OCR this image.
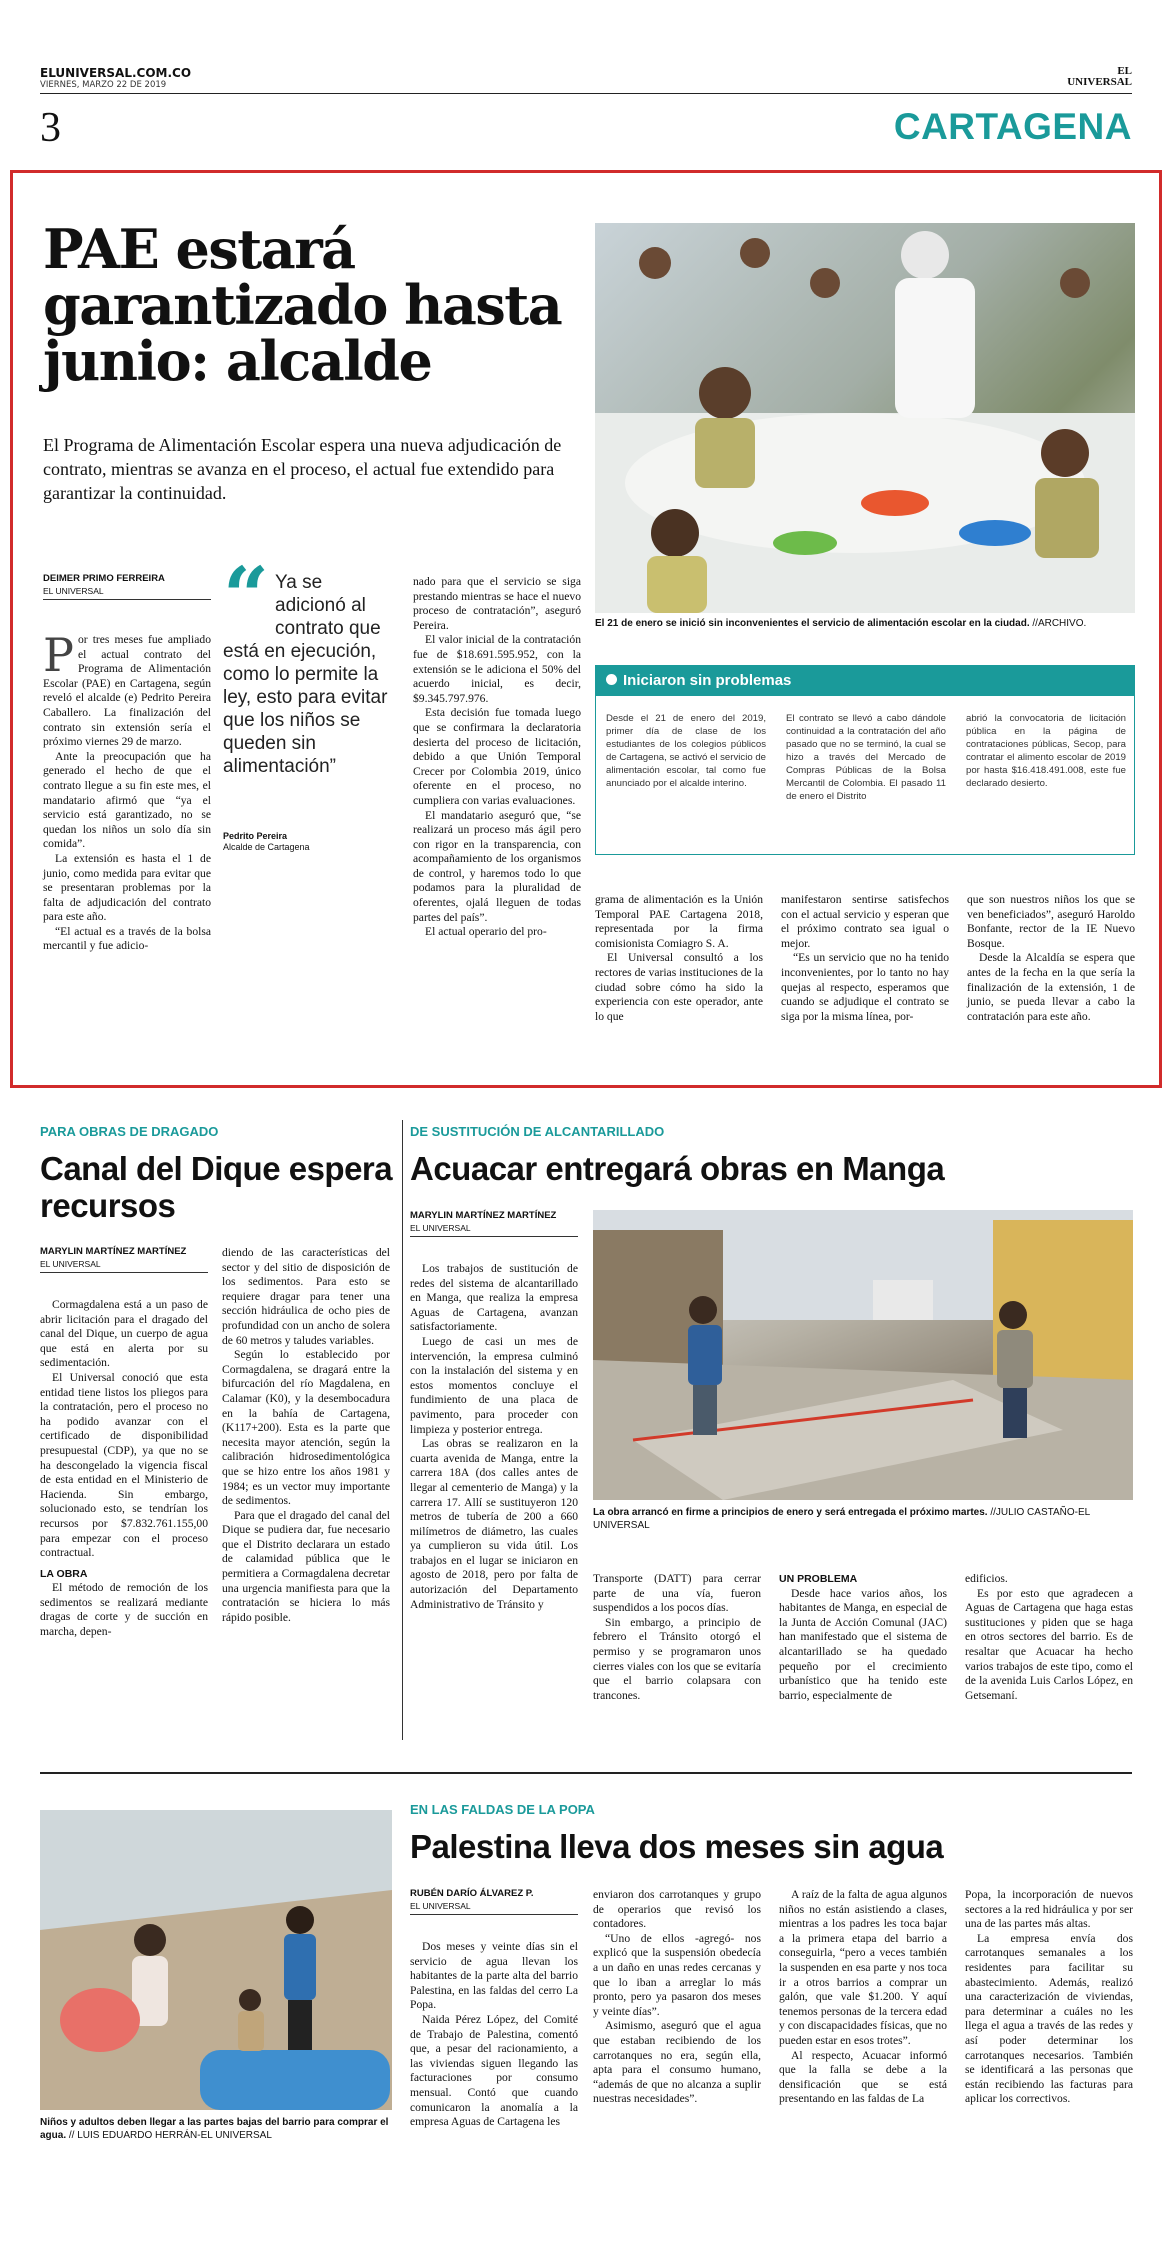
ELUNIVERSAL.COM.CO
VIERNES, MARZO 22 DE 2019
EL
UNIVERSAL
3	CARTAGENA
PAE estará garantizado hasta junio: alcalde

El Programa de Alimentación Escolar espera una nueva adjudicación de contrato, mientras se avanza en el proceso, el actual fue extendido para garantizar la continuidad.

El 21 de enero se inició sin inconvenientes el servicio de alimentación escolar en la ciudad. //ARCHIVO.
DEIMER PRIMO FERREIRA
EL UNIVERSAL

Por tres meses fue ampliado el actual contrato del Programa de Alimentación Escolar (PAE) en Cartagena, según reveló el alcalde (e) Pedrito Pereira Caballero. La finalización del contrato sin extensión sería el próximo viernes 29 de marzo.

Ante la preocupación que ha generado el hecho de que el contrato llegue a su fin este mes, el mandatario afirmó que “ya el servicio está garantizado, no se quedan los niños un solo día sin comida”.

La extensión es hasta el 1 de junio, como medida para evitar que se presentaran problemas por la falta de adjudicación del contrato para este año.

“El actual es a través de la bolsa mercantil y fue adicio-

“ Ya se adicionó al contrato que está en ejecución, como lo permite la ley, esto para evitar que los niños se queden sin alimentación”
Pedrito Pereira
Alcalde de Cartagena

nado para que el servicio se siga prestando mientras se hace el nuevo proceso de contratación”, aseguró Pereira.

El valor inicial de la contratación fue de $18.691.595.952, con la extensión se le adiciona el 50% del acuerdo inicial, es decir, $9.345.797.976.

Esta decisión fue tomada luego que se confirmara la declaratoria desierta del proceso de licitación, debido a que Unión Temporal Crecer por Colombia 2019, único oferente en el proceso, no cumpliera con varias evaluaciones.

El mandatario aseguró que, “se realizará un proceso más ágil pero con rigor en la transparencia, con acompañamiento de los organismos de control, y haremos todo lo que podamos para la pluralidad de oferentes, ojalá lleguen de todas partes del país”.

El actual operario del pro-

Iniciaron sin problemas
Desde el 21 de enero del 2019, primer día de clase de los estudiantes de los colegios públicos de Cartagena, se activó el servicio de alimentación escolar, tal como fue anunciado por el alcalde interino.
El contrato se llevó a cabo dándole continuidad a la contratación del año pasado que no se terminó, la cual se hizo a través del Mercado de Compras Públicas de la Bolsa Mercantil de Colombia. El pasado 11 de enero el Distrito
abrió la convocatoria de licitación pública en la página de contrataciones públicas, Secop, para contratar el alimento escolar de 2019 por hasta $16.418.491.008, este fue declarado desierto.

grama de alimentación es la Unión Temporal PAE Cartagena 2018, representada por la firma comisionista Comiagro S. A.

El Universal consultó a los rectores de varias instituciones de la ciudad sobre cómo ha sido la experiencia con este operador, ante lo que

manifestaron sentirse satisfechos con el actual servicio y esperan que el próximo contrato sea igual o mejor.

“Es un servicio que no ha tenido inconvenientes, por lo tanto no hay quejas al respecto, esperamos que cuando se adjudique el contrato se siga por la misma línea, por-

que son nuestros niños los que se ven beneficiados”, aseguró Haroldo Bonfante, rector de la IE Nuevo Bosque.

Desde la Alcaldía se espera que antes de la fecha en la que sería la finalización de la extensión, 1 de junio, se pueda llevar a cabo la contratación para este año.

PARA OBRAS DE DRAGADO
Canal del Dique espera recursos
MARYLIN MARTÍNEZ MARTÍNEZ
EL UNIVERSAL

Cormagdalena está a un paso de abrir licitación para el dragado del canal del Dique, un cuerpo de agua que está en alerta por su sedimentación.

El Universal conoció que esta entidad tiene listos los pliegos para la contratación, pero el proceso no ha podido avanzar con el certificado de disponibilidad presupuestal (CDP), ya que no se ha descongelado la vigencia fiscal de esta entidad en el Ministerio de Hacienda. Sin embargo, solucionado esto, se tendrían los recursos por $7.832.761.155,00 para empezar con el proceso contractual.

LA OBRA

El método de remoción de los sedimentos se realizará mediante dragas de corte y de succión en marcha, depen-

diendo de las características del sector y del sitio de disposición de los sedimentos. Para esto se requiere dragar para tener una sección hidráulica de ocho pies de profundidad con un ancho de solera de 60 metros y taludes variables.

Según lo establecido por Cormagdalena, se dragará entre la bifurcación del río Magdalena, en Calamar (K0), y la desembocadura en la bahía de Cartagena, (K117+200). Esta es la parte que necesita mayor atención, según la calibración hidrosedimentológica que se hizo entre los años 1981 y 1984; es un vector muy importante de sedimentos.

Para que el dragado del canal del Dique se pudiera dar, fue necesario que el Distrito declarara un estado de calamidad pública que le permitiera a Cormagdalena decretar una urgencia manifiesta para que la contratación se hiciera lo más rápido posible.

DE SUSTITUCIÓN DE ALCANTARILLADO
Acuacar entregará obras en Manga
MARYLIN MARTÍNEZ MARTÍNEZ
EL UNIVERSAL

Los trabajos de sustitución de redes del sistema de alcantarillado en Manga, que realiza la empresa Aguas de Cartagena, avanzan satisfactoriamente.

Luego de casi un mes de intervención, la empresa culminó con la instalación del sistema y en estos momentos concluye el fundimiento de una placa de pavimento, para proceder con limpieza y posterior entrega.

Las obras se realizaron en la cuarta avenida de Manga, entre la carrera 18A (dos calles antes de llegar al cementerio de Manga) y la carrera 17. Allí se sustituyeron 120 metros de tubería de 200 a 660 milímetros de diámetro, las cuales ya cumplieron su vida útil. Los trabajos en el lugar se iniciaron en agosto de 2018, pero por falta de autorización del Departamento Administrativo de Tránsito y

La obra arrancó en firme a principios de enero y será entregada el próximo martes. //JULIO CASTAÑO-EL UNIVERSAL

Transporte (DATT) para cerrar parte de una vía, fueron suspendidos a los pocos días.

Sin embargo, a principio de febrero el Tránsito otorgó el permiso y se programaron unos cierres viales con los que se evitaría que el barrio colapsara con trancones.

UN PROBLEMA

Desde hace varios años, los habitantes de Manga, en especial de la Junta de Acción Comunal (JAC) han manifestado que el sistema de alcantarillado se ha quedado pequeño por el crecimiento urbanístico que ha tenido este barrio, especialmente de

edificios.

Es por esto que agradecen a Aguas de Cartagena que haga estas sustituciones y piden que se haga en otros sectores del barrio. Es de resaltar que Acuacar ha hecho varios trabajos de este tipo, como el de la avenida Luis Carlos López, en Getsemaní.

Niños y adultos deben llegar a las partes bajas del barrio para comprar el agua. // LUIS EDUARDO HERRÁN-EL UNIVERSAL
EN LAS FALDAS DE LA POPA
Palestina lleva dos meses sin agua
RUBÉN DARÍO ÁLVAREZ P.
EL UNIVERSAL

Dos meses y veinte días sin el servicio de agua llevan los habitantes de la parte alta del barrio Palestina, en las faldas del cerro La Popa.

Naida Pérez López, del Comité de Trabajo de Palestina, comentó que, a pesar del racionamiento, a las viviendas siguen llegando las facturaciones por consumo mensual. Contó que cuando comunicaron la anomalía a la empresa Aguas de Cartagena les

enviaron dos carrotanques y grupo de operarios que revisó los contadores.

“Uno de ellos -agregó- nos explicó que la suspensión obedecía a un daño en unas redes cercanas y que lo iban a arreglar lo más pronto, pero ya pasaron dos meses y veinte días”.

Asimismo, aseguró que el agua que estaban recibiendo de los carrotanques no era, según ella, apta para el consumo humano, “además de que no alcanza a suplir nuestras necesidades”.

A raíz de la falta de agua algunos niños no están asistiendo a clases, mientras a los padres les toca bajar a la primera etapa del barrio a conseguirla, “pero a veces también la suspenden en esa parte y nos toca ir a otros barrios a comprar un galón, que vale $1.200. Y aquí tenemos personas de la tercera edad y con discapacidades físicas, que no pueden estar en esos trotes”.

Al respecto, Acuacar informó que la falla se debe a la densificación que se está presentando en las faldas de La

Popa, la incorporación de nuevos sectores a la red hidráulica y por ser una de las partes más altas.

La empresa envía dos carrotanques semanales a los residentes para facilitar su abastecimiento. Además, realizó una caracterización de viviendas, para determinar a cuáles no les llega el agua a través de las redes y así poder determinar los carrotanques necesarios. También se identificará a las personas que están recibiendo las facturas para aplicar los correctivos.
